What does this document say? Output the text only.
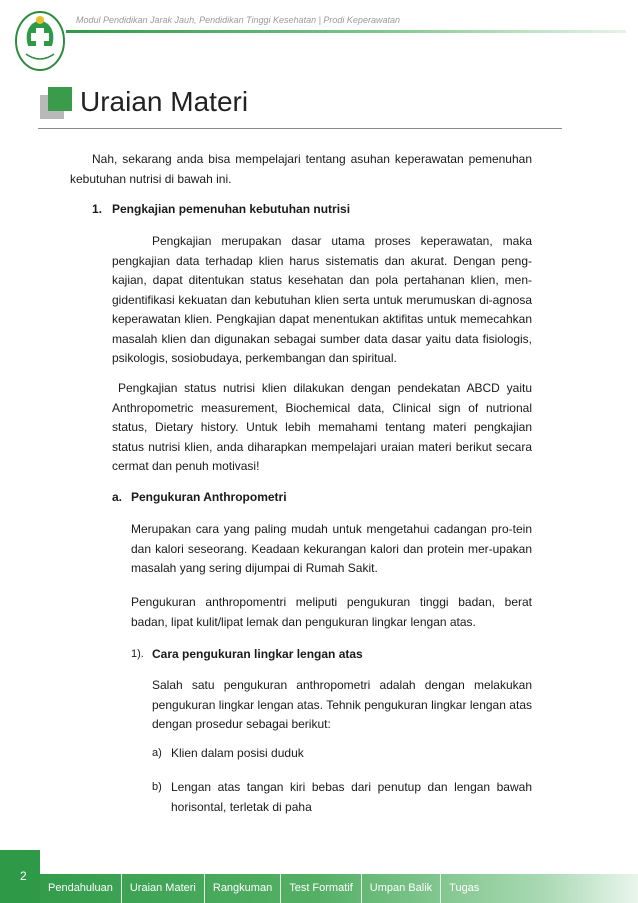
Modul Pendidikan Jarak Jauh, Pendidikan Tinggi Kesehatan | Prodi Keperawatan
Uraian Materi

Nah, sekarang anda bisa mempelajari tentang asuhan keperawatan pemenuhan kebutuhan nutrisi di bawah ini.

1. Pengkajian pemenuhan kebutuhan nutrisi

Pengkajian merupakan dasar utama proses keperawatan, maka pengkajian data terhadap klien harus sistematis dan akurat. Dengan peng-kajian, dapat ditentukan status kesehatan dan pola pertahanan klien, men-gidentifikasi kekuatan dan kebutuhan klien serta untuk merumuskan di-agnosa keperawatan klien. Pengkajian dapat menentukan aktifitas untuk memecahkan masalah klien dan digunakan sebagai sumber data dasar yaitu data fisiologis, psikologis, sosiobudaya, perkembangan dan spiritual.

Pengkajian status nutrisi klien dilakukan dengan pendekatan ABCD yaitu Anthropometric measurement, Biochemical data, Clinical sign of nutrional status, Dietary history. Untuk lebih memahami tentang materi pengkajian status nutrisi klien, anda diharapkan mempelajari uraian materi berikut secara cermat dan penuh motivasi!

a. Pengukuran Anthropometri

Merupakan cara yang paling mudah untuk mengetahui cadangan pro-tein dan kalori seseorang. Keadaan kekurangan kalori dan protein mer-upakan masalah yang sering dijumpai di Rumah Sakit.

Pengukuran anthropomentri meliputi pengukuran tinggi badan, berat badan, lipat kulit/lipat lemak dan pengukuran lingkar lengan atas.

1). Cara pengukuran lingkar lengan atas

Salah satu pengukuran anthropometri adalah dengan melakukan pengukuran lingkar lengan atas. Tehnik pengukuran lingkar lengan atas dengan prosedur sebagai berikut:

a) Klien dalam posisi duduk

b) Lengan atas tangan kiri bebas dari penutup dan lengan bawah horisontal, terletak di paha

2
Pendahuluan	Uraian Materi	Rangkuman	Test Formatif	Umpan Balik	Tugas
